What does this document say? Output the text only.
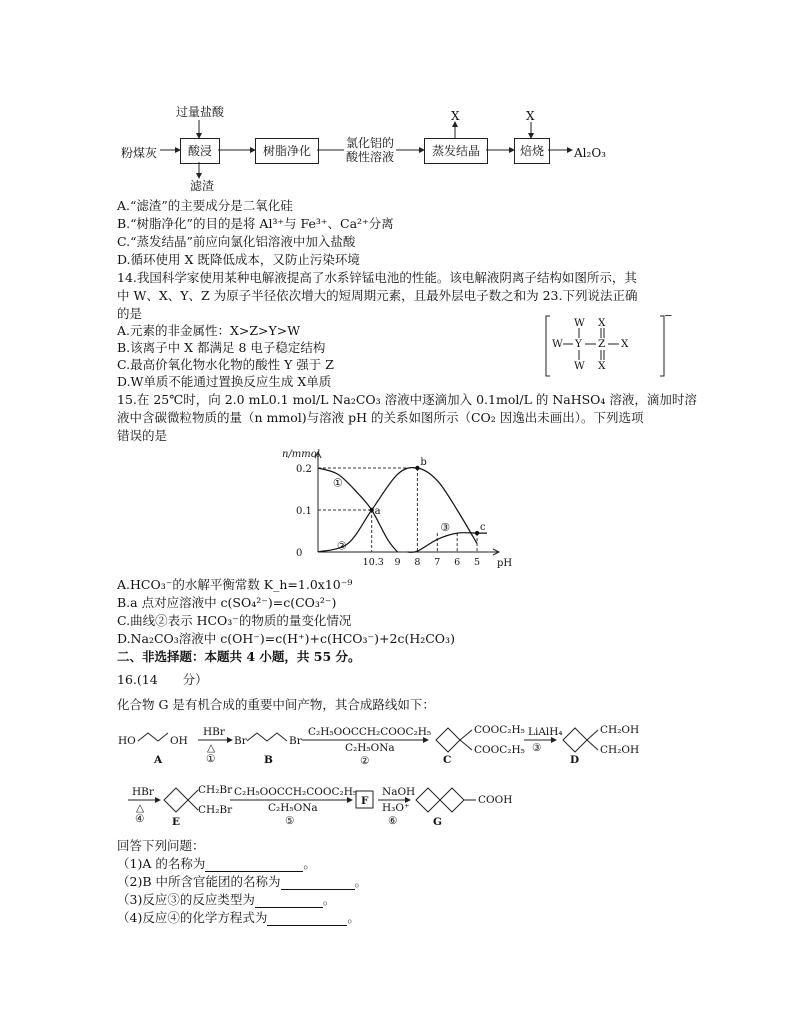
过量盐酸
粉煤灰	酸浸	树脂净化
氯化铝的
酸性溶液	蒸发结晶	焙烧	Al₂O₃
滤渣
X	X
A.“滤渣”的主要成分是二氧化硅
B.“树脂净化”的目的是将 Al³⁺与 Fe³⁺、Ca²⁺分离
C.“蒸发结晶”前应向氯化铝溶液中加入盐酸
D.循环使用 X 既降低成本，又防止污染环境
14.我国科学家使用某种电解液提高了水系锌锰电池的性能。该电解液阴离子结构如图所示，其
中 W、X、Y、Z 为原子半径依次增大的短周期元素，且最外层电子数之和为 23.下列说法正确
的是
A.元素的非金属性：X>Z>Y>W
B.该离子中 X 都满足 8 电子稳定结构
C.最高价氧化物水化物的酸性 Y 强于 Z
D.W单质不能通过置换反应生成 X单质
W X
W Y Z X
W X
−
15.在 25℃时，向 2.0 mL0.1 mol/L Na₂CO₃ 溶液中逐滴加入 0.1mol/L 的 NaHSO₄ 溶液，滴加时溶
液中含碳微粒物质的量（n mmol)与溶液 pH 的关系如图所示（CO₂ 因逸出未画出）。下列选项
错误的是
n/mmol
pH
0.2
0.1
0
10.3 9 8 7 6 5
①
②
③
a
b
c
A.HCO₃⁻的水解平衡常数 K_h=1.0x10⁻⁹
B.a 点对应溶液中 c(SO₄²⁻)=c(CO₃²⁻)
C.曲线②表示 HCO₃⁻的物质的量变化情况
D.Na₂CO₃溶液中 c(OH⁻)=c(H⁺)+c(HCO₃⁻)+2c(H₂CO₃)
二、非选择题：本题共 4 小题，共 55 分。
16.(14　　分）
化合物 G 是有机合成的重要中间产物，其合成路线如下：
HO	OH
A
HBr
△
①
Br	Br
B
C₂H₅OOCCH₂COOC₂H₅
C₂H₅ONa
②
COOC₂H₅
COOC₂H₅
C
LiAlH₄
③
CH₂OH
CH₂OH
D
HBr
△
④
CH₂Br
CH₂Br
E
C₂H₅OOCCH₂COOC₂H₅
C₂H₅ONa
⑤
F
NaOH
H₃O⁺
⑥
COOH
G
回答下列问题：
（1)A 的名称为	。
（2)B 中所含官能团的名称为	。
（3)反应③的反应类型为	。
（4)反应④的化学方程式为	。
